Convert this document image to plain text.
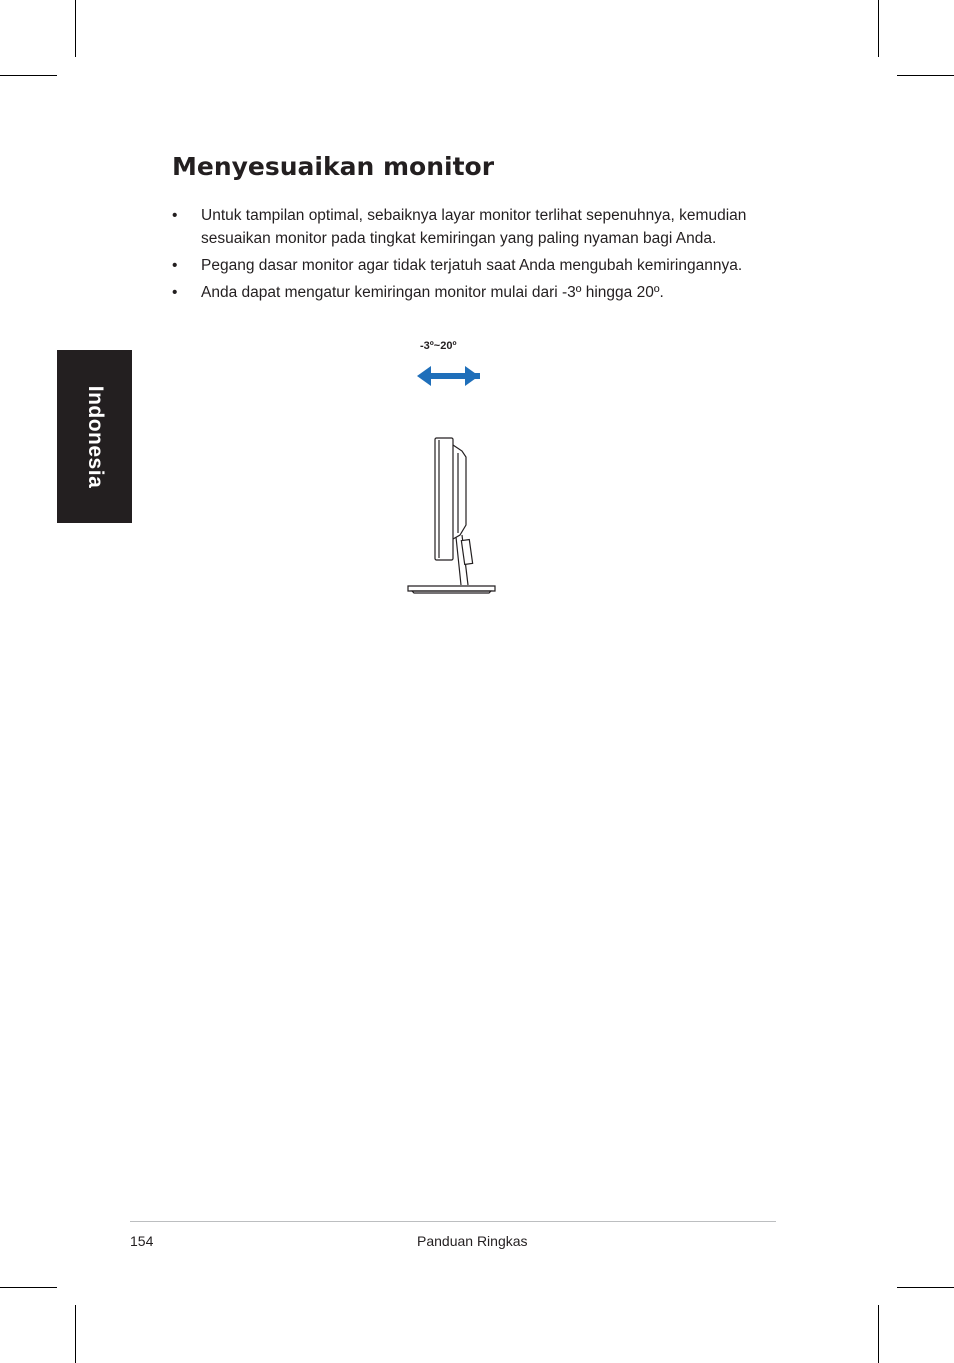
Indonesia
Menyesuaikan monitor
• Untuk tampilan optimal, sebaiknya layar monitor terlihat sepenuhnya, kemudian sesuaikan monitor pada tingkat kemiringan yang paling nyaman bagi Anda.
• Pegang dasar monitor agar tidak terjatuh saat Anda mengubah kemiringannya.
• Anda dapat mengatur kemiringan monitor mulai dari -3º hingga 20º.
-3º~20º
154	Panduan Ringkas
